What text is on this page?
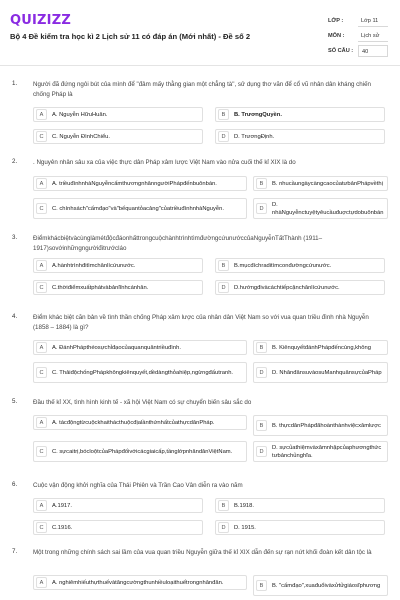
QUIZIZZ
Bộ 4 Đề kiểm tra học kì 2 Lịch sử 11 có đáp án (Mới nhất) - Đề số 2
LỚP :	Lớp 11
MÔN :	Lịch sử
SỐ CÂU :	40
1.	Người đã đứng ngôi bút của mình để "đâm mấy thằng gian một chẳng tà", sử dụng thơ văn để cổ vũ nhân dân kháng chiến chống Pháp là
A	A. Nguyễn HữuHuân.	B	B. TrươngQuyền.
C	C. Nguyễn ĐìnhChiểu.	D	D. TrươngĐịnh.
2.	. Nguyên nhân sâu xa của việc thực dân Pháp xâm lược Việt Nam vào nửa cuối thế kỉ XIX là do
A	A. triềuđìnhnhàNguyễncấmthươngnhânngườiPhápđếnbuônbán.	B	B. nhucầungàycàngcaocủatưbảnPhápvềthị
C	C. chínhsách"cấmđạo"và"bếquantỏacảng"củatriềuđìnhnhàNguyễn.	D
D. nhàNguyễnctuyệtyêucầuđuợctựdobuônbán
3.	ĐiểmkhácbiệtvàcùnglàmétđộcđáonhấttrongcuộchànhtrìnhtìmđườngcứunướccủaNguyễnTấtThành (1911–1917)sovớinhữngngườiđitrướcláo
A	A.hànhtrìnhđitìmchânlícứunước.	B	B.mụcđíchraditìmconđườngcứunước.
C	C.thờiđiểmxuấtphátvàbảnlĩnhcánhân.	D	D.hướngđivàcáchtiếpcậnchânlícứunước.
4.	Điểm khác biệt căn bản về tình thần chống Pháp xâm lược của nhân dân Việt Nam so với vua quan triều đình nhà Nguyễn (1858 – 1884) là gì?
A	A. ĐánhPhápthéosựchỉđạocủaquanquântriềuđình.	B	B. KiênquyếtđánhPhápđếncùng,không
C	C. ThảiđộchốngPhápkhôngkiênquyết,dềdàngthỏahiệp,ngừngđấutranh.	D	D. NhânđânsuvàosuManhquânsựcủaPháp
5.	Đầu thế kỉ XX, tình hình kinh tế - xã hội Việt Nam có sự chuyển biến sâu sắc do
A	A. tácđộngtừcuộckhaithácthuộcđịalầnthứnhấtcủathựcdânPháp.	B	B. thựcdânPhápđãhoànthànhviệcxâmlược
C	C. sựcaitrị,bócloộtcủaPhápđốivớicácgiaicấp,tầnglớpnhândânViệtNam.	D
D. sựcủathiệmvàxâmnhậpcủaphươngthức tưbảnchủnghĩa.
6.	Cuộc vận động khởi nghĩa của Thái Phiên và Trần Cao Vân diễn ra vào năm
A	A.1917.	B	B.1918.
C	C.1916.	D	D. 1915.
7.	Một trong những chính sách sai lầm của vua quan triều Nguyễn giữa thế kỉ XIX dẫn đến sự rạn nứt khối đoàn kết dân tộc là
A	A. nghiêmhiếuthựthuếvàtăngcườngthunhiềuloạithuếtrongnhânđân.	B	B. "cấmđạo",xuađuổivàxửtửgiáosĩphương
